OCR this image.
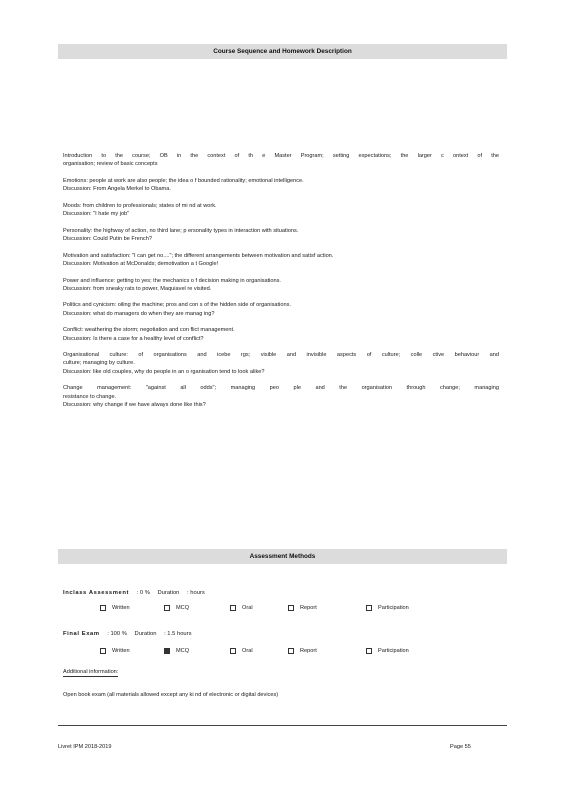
Course Sequence and Homework Description
Introduction to the course; OB in the context of th e Master Program; setting expectations; the larger c ontext of the
organisation; review of basic concepts
Emotions: people at work are also people; the idea o f bounded rationality; emotional intelligence.
Discussion: From Angela Merkel to Obama.
Moods: from children to professionals; states of mi nd at work.
Discussion: "I hate my job"
Personality: the highway of action, no third lane; p ersonality types in interaction with situations.
Discussion: Could Putin be French?
Motivation and satisfaction: "I can get no...."; the different arrangements between motivation and satisf action.
Discussion: Motivation at McDonalds; demotivation a t Google!
Power and influence: getting to yes; the mechanics o f decision making in organisations.
Discussion: from sneaky rats to power, Maquiavel re visited.
Politics and cynicism: oiling the machine; pros and con s of the hidden side of organisations.
Discussion: what do managers do when they are manag ing?
Conflict: weathering the storm; negotiation and con flict management.
Discussion: Is there a case for a healthy level of conflict?
Organisational culture: of organisations and icebe rgs; visible and invisible aspects of culture; colle ctive behaviour and
culture; managing by culture.
Discussion: like old couples, why do people in an o rganisation tend to look alike?
Change management: "against all odds"; managing peo ple and the organisation through change; managing
resistance to change.
Discussion: why change if we have always done like this?
Assessment Methods
Inclass Assessment : 0 % Duration : hours
Written	MCQ	Oral	Report	Participation
Final Exam : 100 % Duration : 1.5 hours
Written	MCQ	Oral	Report	Participation
Additional information:
Open book exam (all materials allowed except any ki nd of electronic or digital devices)
Livret IPM 2018-2019	Page 55
